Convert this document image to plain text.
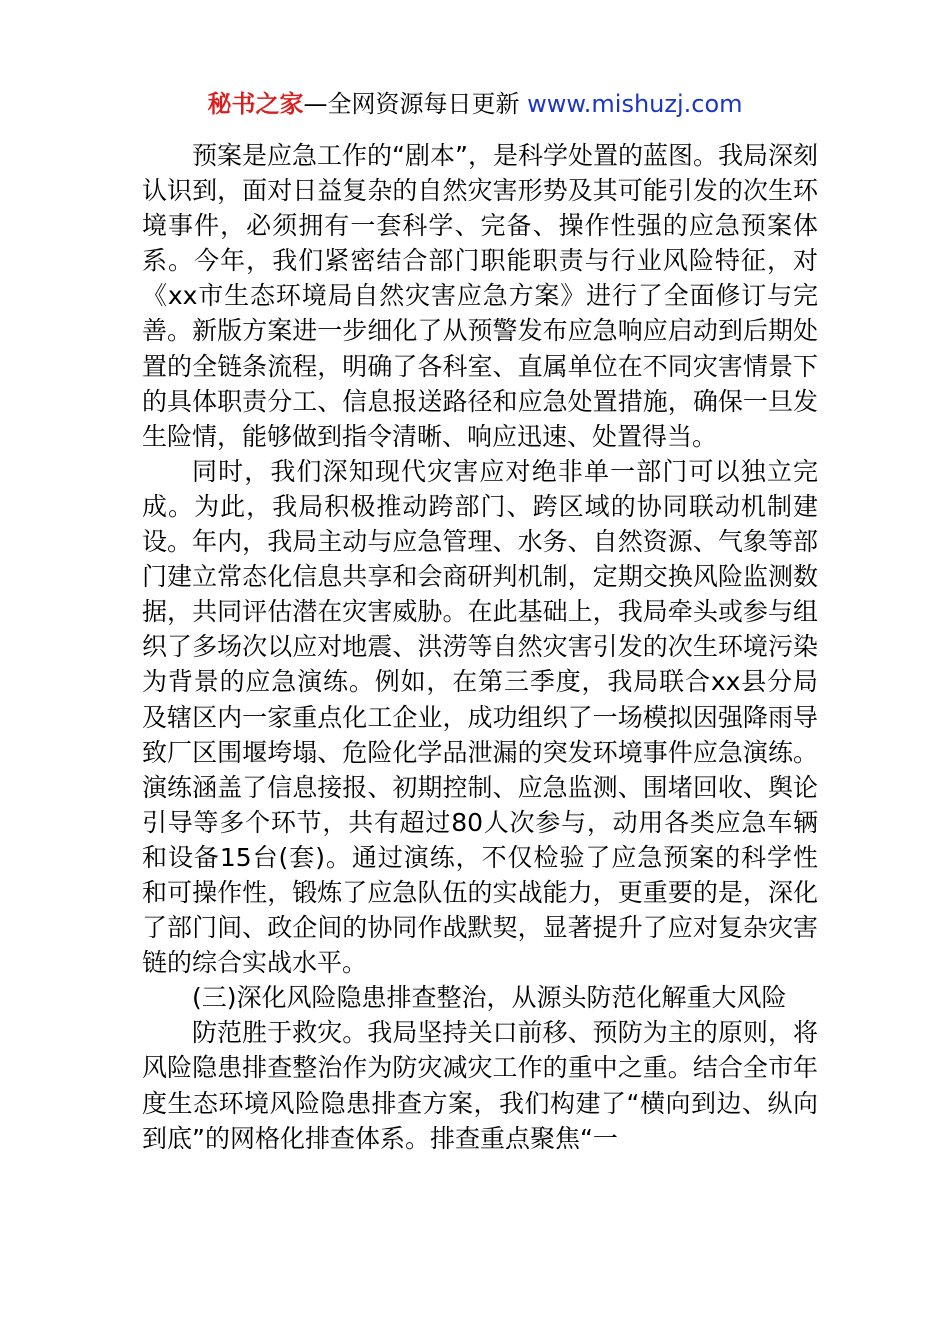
秘书之家—全网资源每日更新 www.mishuzj.com

预案是应急工作的“剧本”，是科学处置的蓝图。我局深刻认识到，面对日益复杂的自然灾害形势及其可能引发的次生环境事件，必须拥有一套科学、完备、操作性强的应急预案体系。今年，我们紧密结合部门职能职责与行业风险特征，对《xx市生态环境局自然灾害应急方案》进行了全面修订与完善。新版方案进一步细化了从预警发布应急响应启动到后期处置的全链条流程，明确了各科室、直属单位在不同灾害情景下的具体职责分工、信息报送路径和应急处置措施，确保一旦发生险情，能够做到指令清晰、响应迅速、处置得当。

同时，我们深知现代灾害应对绝非单一部门可以独立完成。为此，我局积极推动跨部门、跨区域的协同联动机制建设。年内，我局主动与应急管理、水务、自然资源、气象等部门建立常态化信息共享和会商研判机制，定期交换风险监测数据，共同评估潜在灾害威胁。在此基础上，我局牵头或参与组织了多场次以应对地震、洪涝等自然灾害引发的次生环境污染为背景的应急演练。例如，在第三季度，我局联合xx县分局及辖区内一家重点化工企业，成功组织了一场模拟因强降雨导致厂区围堰垮塌、危险化学品泄漏的突发环境事件应急演练。演练涵盖了信息接报、初期控制、应急监测、围堵回收、舆论引导等多个环节，共有超过80人次参与，动用各类应急车辆和设备15台(套)。通过演练，不仅检验了应急预案的科学性和可操作性，锻炼了应急队伍的实战能力，更重要的是，深化了部门间、政企间的协同作战默契，显著提升了应对复杂灾害链的综合实战水平。

(三)深化风险隐患排查整治，从源头防范化解重大风险

防范胜于救灾。我局坚持关口前移、预防为主的原则，将风险隐患排查整治作为防灾减灾工作的重中之重。结合全市年度生态环境风险隐患排查方案，我们构建了“横向到边、纵向到底”的网格化排查体系。排查重点聚焦“一
